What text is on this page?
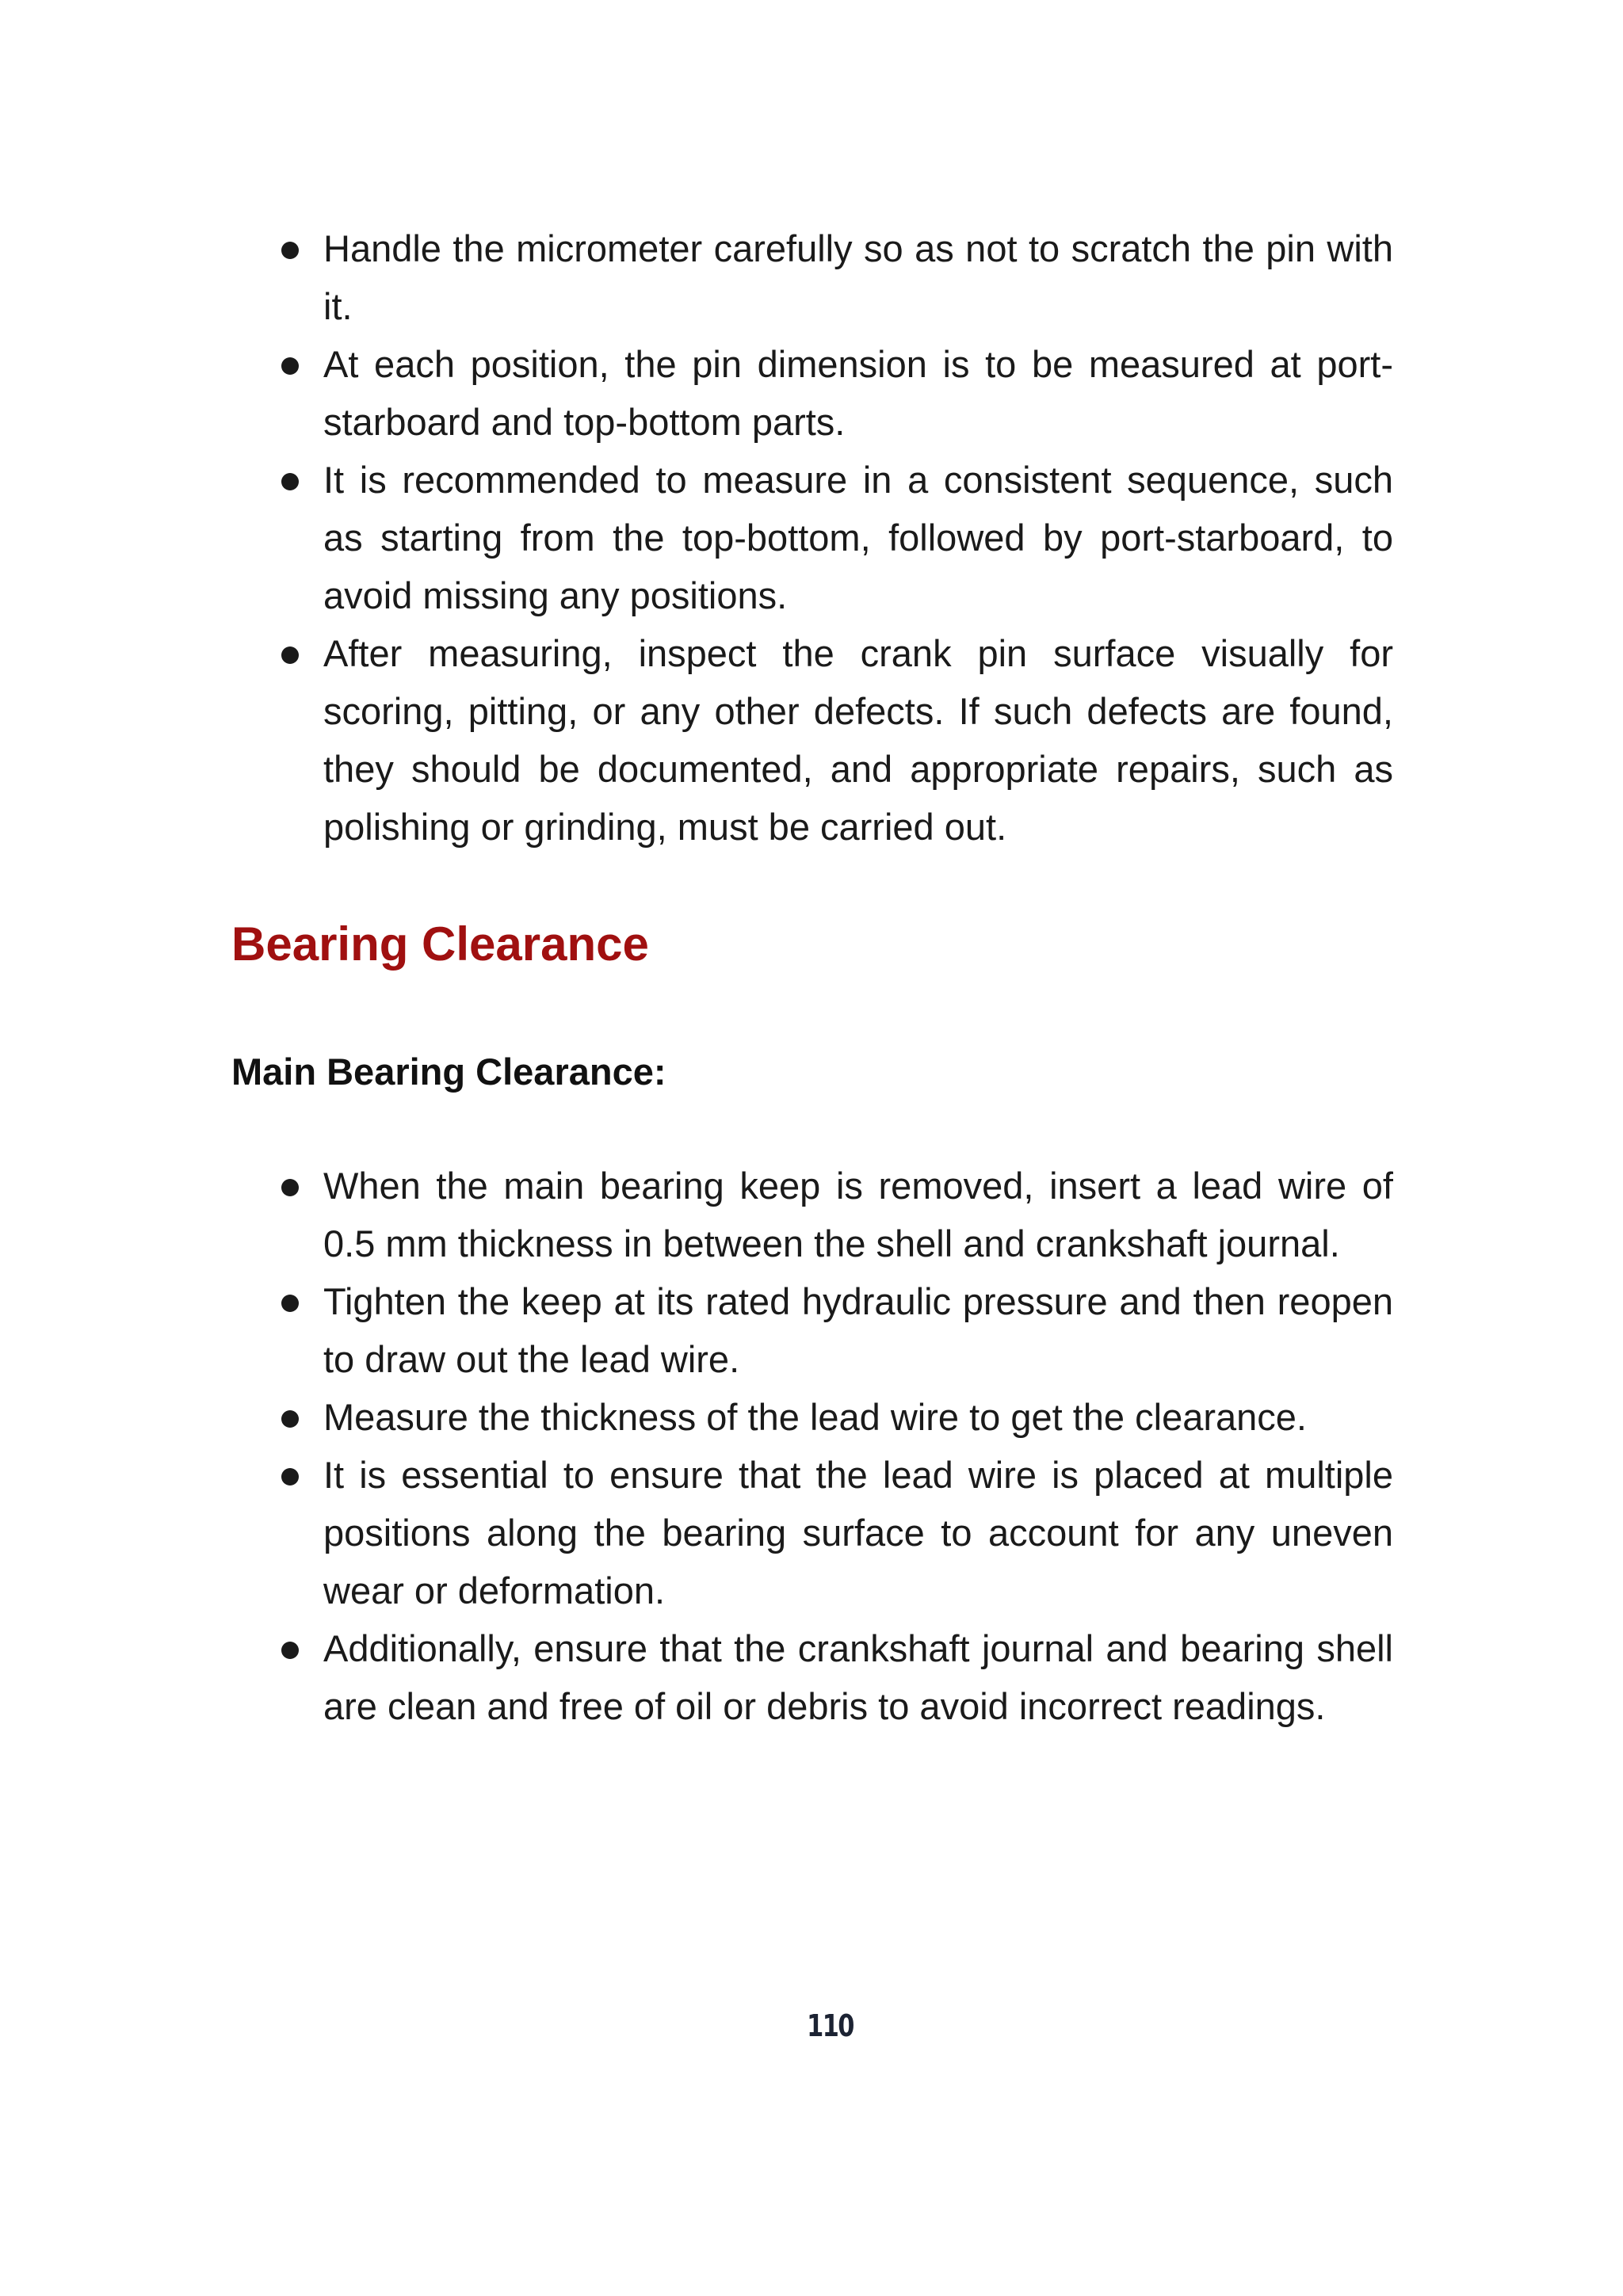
Handle the micrometer carefully so as not to scratch the pin with it.
At each position, the pin dimension is to be measured at port-starboard and top-bottom parts.
It is recommended to measure in a consistent sequence, such as starting from the top-bottom, followed by port-starboard, to avoid missing any positions.
After measuring, inspect the crank pin surface visually for scoring, pitting, or any other defects. If such defects are found, they should be documented, and appropriate repairs, such as polishing or grinding, must be carried out.
Bearing Clearance
Main Bearing Clearance:
When the main bearing keep is removed, insert a lead wire of 0.5 mm thickness in between the shell and crankshaft journal.
Tighten the keep at its rated hydraulic pressure and then reopen to draw out the lead wire.
Measure the thickness of the lead wire to get the clearance.
It is essential to ensure that the lead wire is placed at multiple positions along the bearing surface to account for any uneven wear or deformation.
Additionally, ensure that the crankshaft journal and bearing shell are clean and free of oil or debris to avoid incorrect readings.
110
